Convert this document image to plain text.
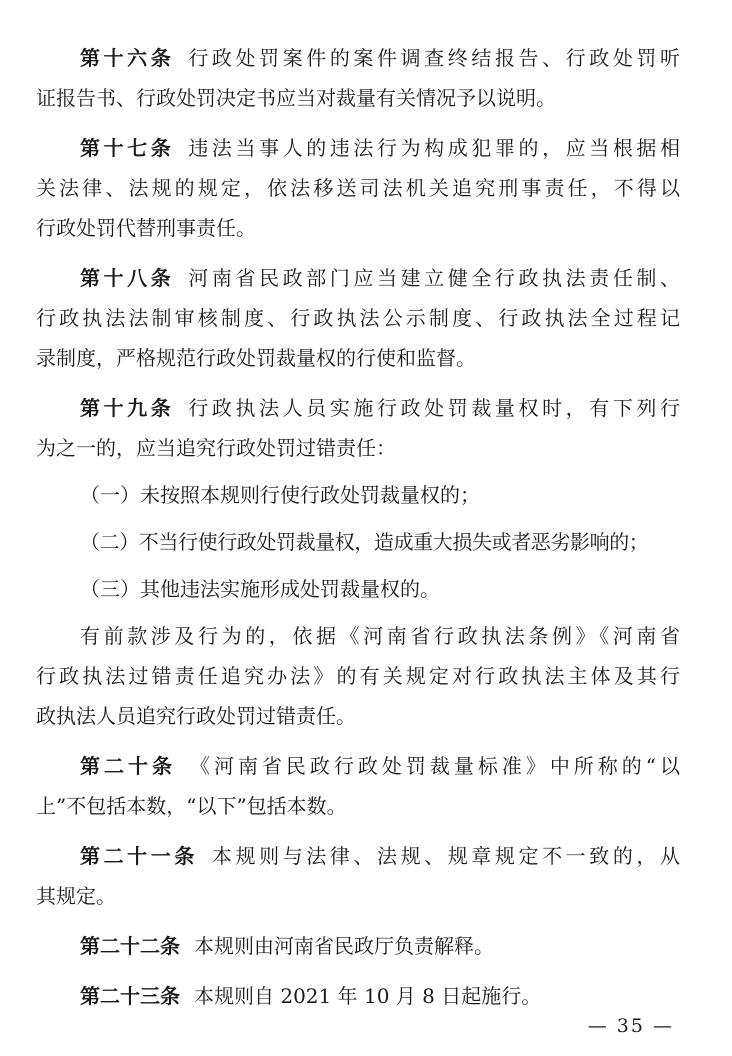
第十六条 行政处罚案件的案件调查终结报告、行政处罚听
证报告书、行政处罚决定书应当对裁量有关情况予以说明。
第十七条 违法当事人的违法行为构成犯罪的，应当根据相
关法律、法规的规定，依法移送司法机关追究刑事责任，不得以
行政处罚代替刑事责任。
第十八条 河南省民政部门应当建立健全行政执法责任制、
行政执法法制审核制度、行政执法公示制度、行政执法全过程记
录制度，严格规范行政处罚裁量权的行使和监督。
第十九条 行政执法人员实施行政处罚裁量权时，有下列行
为之一的，应当追究行政处罚过错责任：
（一）未按照本规则行使行政处罚裁量权的；
（二）不当行使行政处罚裁量权，造成重大损失或者恶劣影响的；
（三）其他违法实施形成处罚裁量权的。
有前款涉及行为的，依据《河南省行政执法条例》《河南省
行政执法过错责任追究办法》的有关规定对行政执法主体及其行
政执法人员追究行政处罚过错责任。
第二十条 《河南省民政行政处罚裁量标准》中所称的“以
上”不包括本数，“以下”包括本数。
第二十一条 本规则与法律、法规、规章规定不一致的，从
其规定。
第二十二条 本规则由河南省民政厅负责解释。
第二十三条 本规则自 2021 年 10 月 8 日起施行。
— 35 —
